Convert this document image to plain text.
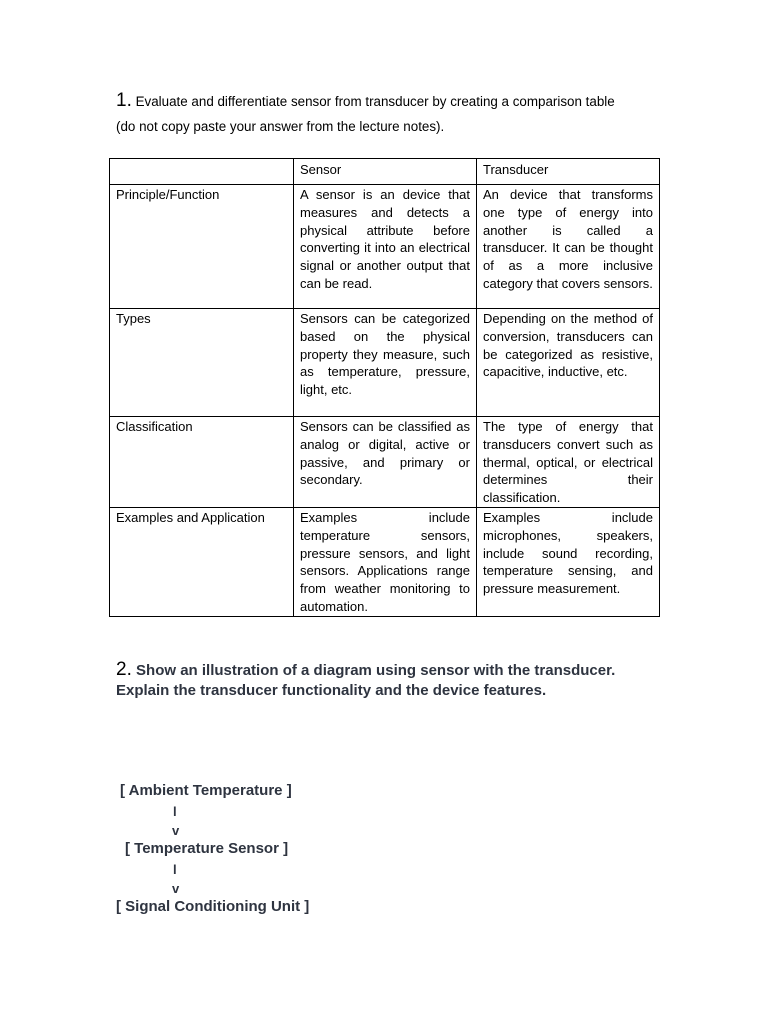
1. Evaluate and differentiate sensor from transducer by creating a comparison table
(do not copy paste your answer from the lecture notes).
	Sensor	Transducer
Principle/Function	A sensor is an device that measures and detects a physical attribute before converting it into an electrical signal or another output that can be read.	An device that transforms one type of energy into another is called a transducer. It can be thought of as a more inclusive category that covers sensors.
Types	Sensors can be categorized based on the physical property they measure, such as temperature, pressure, light, etc.	Depending on the method of conversion, transducers can be categorized as resistive, capacitive, inductive, etc.
Classification	Sensors can be classified as analog or digital, active or passive, and primary or secondary.	The type of energy that transducers convert such as thermal, optical, or electrical determines their classification.
Examples and Application	Examples include temperature sensors, pressure sensors, and light sensors. Applications range from weather monitoring to automation.	Examples include microphones, speakers, include sound recording, temperature sensing, and pressure measurement.
2. Show an illustration of a diagram using sensor with the transducer. Explain the transducer functionality and the device features.
[ Ambient Temperature ]
l
v
[ Temperature Sensor ]
l
v
[ Signal Conditioning Unit ]
